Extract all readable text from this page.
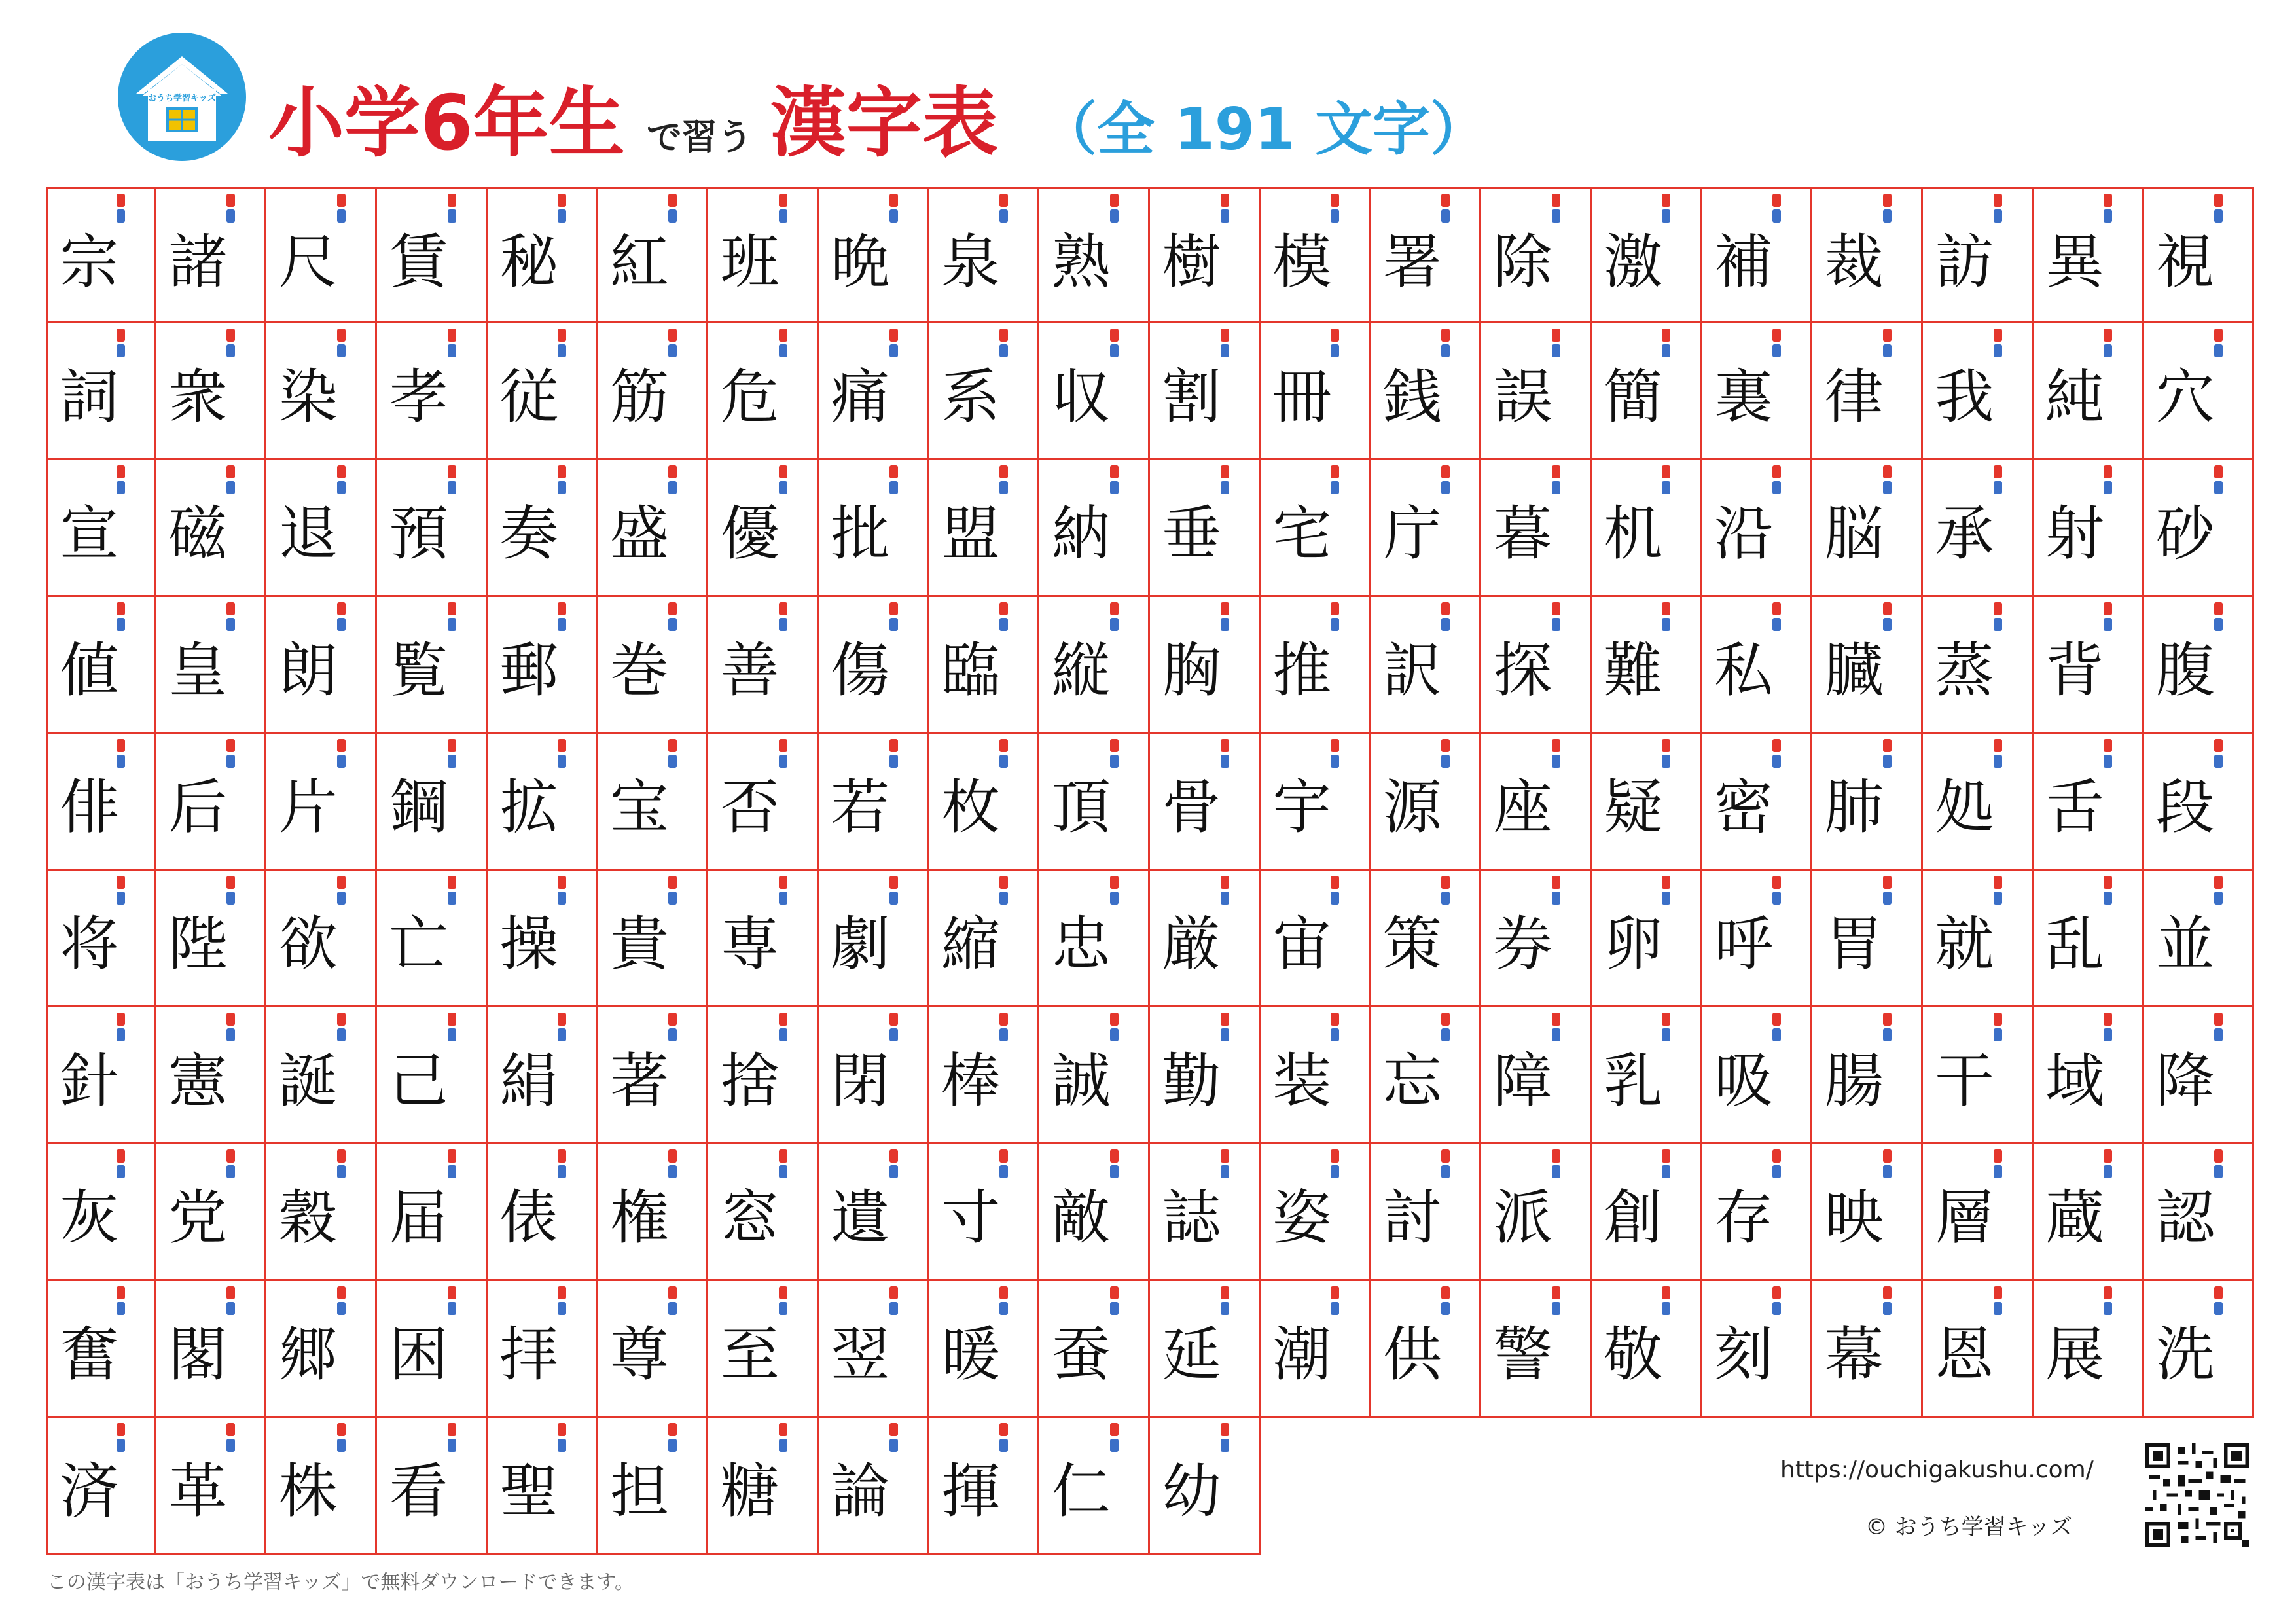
おうち学習キッズ 小学6年生 で習う 漢字表 （全 191 文字）
宗 諸 尺 賃 秘 紅 班 晩 泉 熟 樹 模 署 除 激 補 裁 訪 異 視
詞 衆 染 孝 従 筋 危 痛 系 収 割 冊 銭 誤 簡 裏 律 我 純 穴
宣 磁 退 預 奏 盛 優 批 盟 納 垂 宅 庁 暮 机 沿 脳 承 射 砂
値 皇 朗 覧 郵 巻 善 傷 臨 縦 胸 推 訳 探 難 私 臓 蒸 背 腹
俳 后 片 鋼 拡 宝 否 若 枚 頂 骨 宇 源 座 疑 密 肺 処 舌 段
将 陛 欲 亡 操 貴 専 劇 縮 忠 厳 宙 策 券 卵 呼 胃 就 乱 並
針 憲 誕 己 絹 著 捨 閉 棒 誠 勤 装 忘 障 乳 吸 腸 干 域 降
灰 党 穀 届 俵 権 窓 遺 寸 敵 誌 姿 討 派 創 存 映 層 蔵 認
奮 閣 郷 困 拝 尊 至 翌 暖 蚕 延 潮 供 警 敬 刻 幕 恩 展 洗
済 革 株 看 聖 担 糖 論 揮 仁 幼	https://ouchigakushu.com/
© おうち学習キッズ
この漢字表は「おうち学習キッズ」で無料ダウンロードできます。
